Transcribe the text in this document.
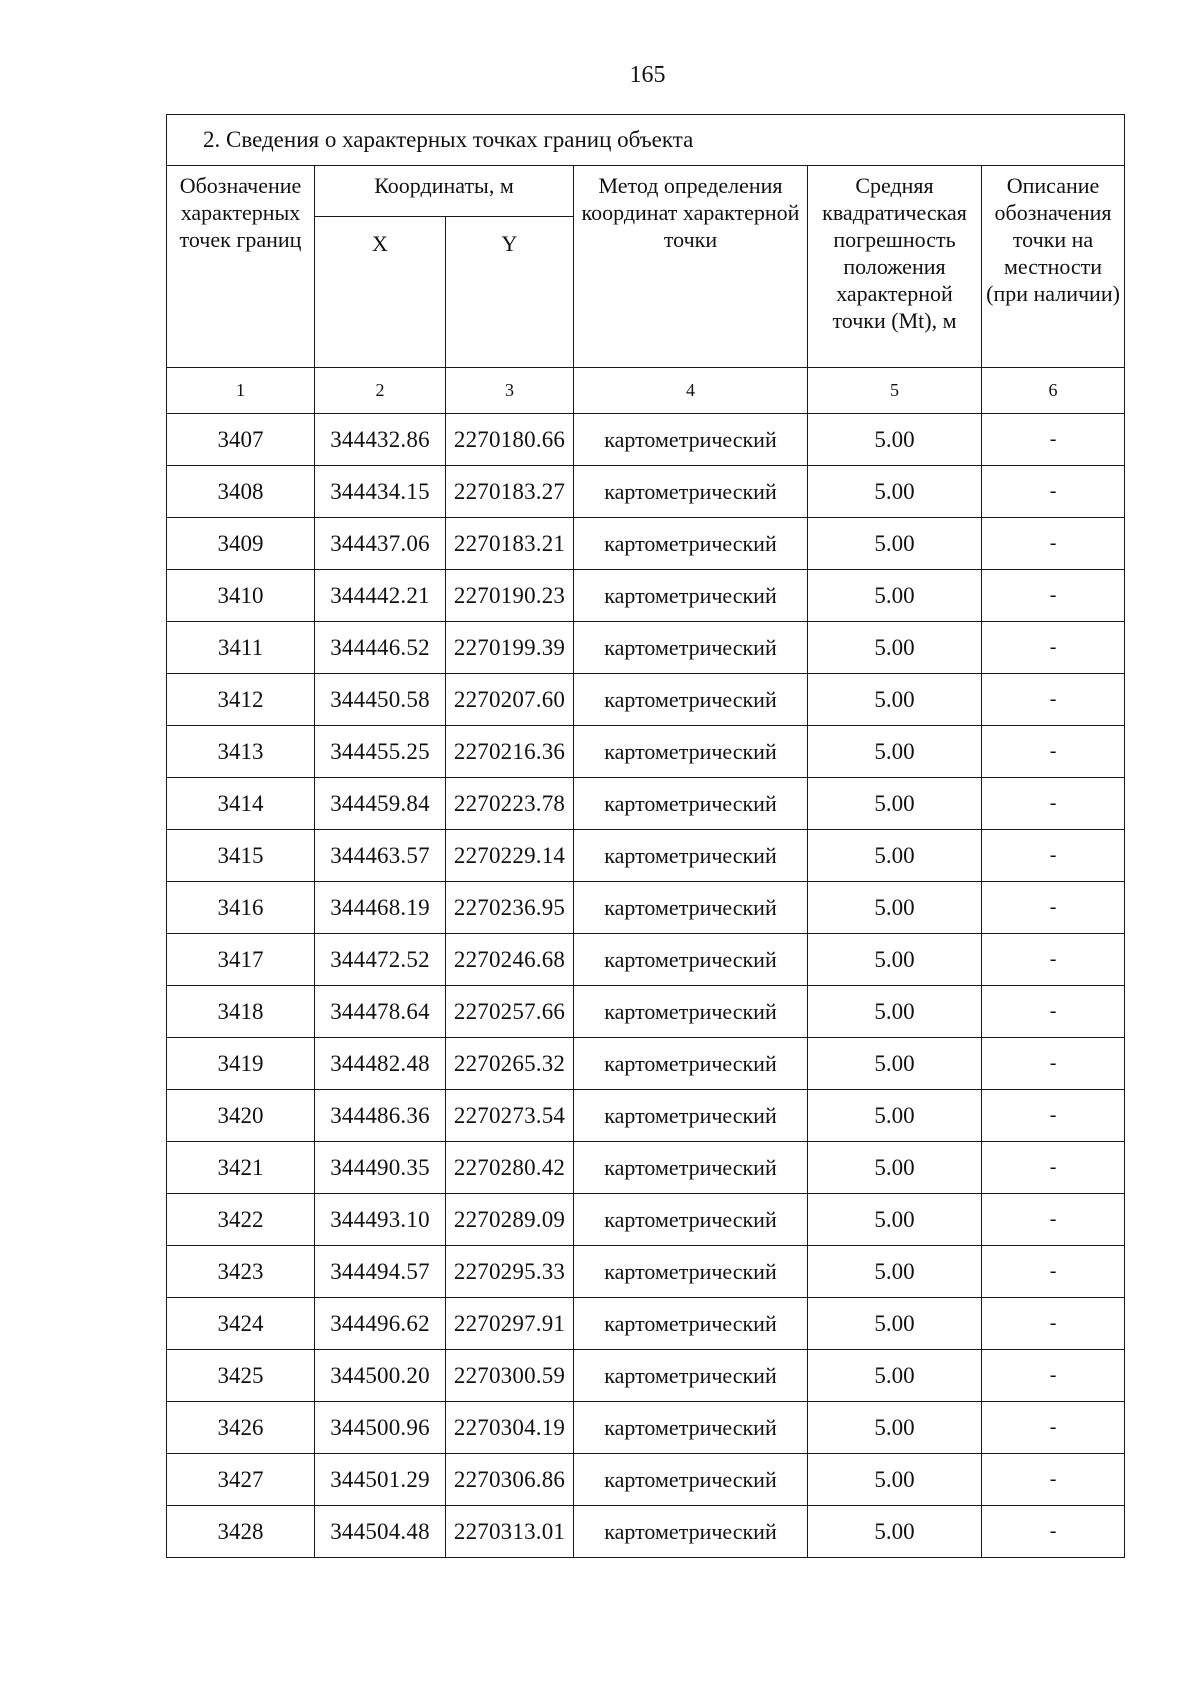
165
2. Сведения о характерных точках границ объекта					
Обозначение характерных точек границ	Координаты, м		Метод определения координат характерной точки	Средняя квадратическая погрешность положения характерной точки (Mt), м	Описание обозначения точки на местности (при наличии)
	X	Y			
1	2	3	4	5	6
3407	344432.86	2270180.66	картометрический	5.00	-
3408	344434.15	2270183.27	картометрический	5.00	-
3409	344437.06	2270183.21	картометрический	5.00	-
3410	344442.21	2270190.23	картометрический	5.00	-
3411	344446.52	2270199.39	картометрический	5.00	-
3412	344450.58	2270207.60	картометрический	5.00	-
3413	344455.25	2270216.36	картометрический	5.00	-
3414	344459.84	2270223.78	картометрический	5.00	-
3415	344463.57	2270229.14	картометрический	5.00	-
3416	344468.19	2270236.95	картометрический	5.00	-
3417	344472.52	2270246.68	картометрический	5.00	-
3418	344478.64	2270257.66	картометрический	5.00	-
3419	344482.48	2270265.32	картометрический	5.00	-
3420	344486.36	2270273.54	картометрический	5.00	-
3421	344490.35	2270280.42	картометрический	5.00	-
3422	344493.10	2270289.09	картометрический	5.00	-
3423	344494.57	2270295.33	картометрический	5.00	-
3424	344496.62	2270297.91	картометрический	5.00	-
3425	344500.20	2270300.59	картометрический	5.00	-
3426	344500.96	2270304.19	картометрический	5.00	-
3427	344501.29	2270306.86	картометрический	5.00	-
3428	344504.48	2270313.01	картометрический	5.00	-
